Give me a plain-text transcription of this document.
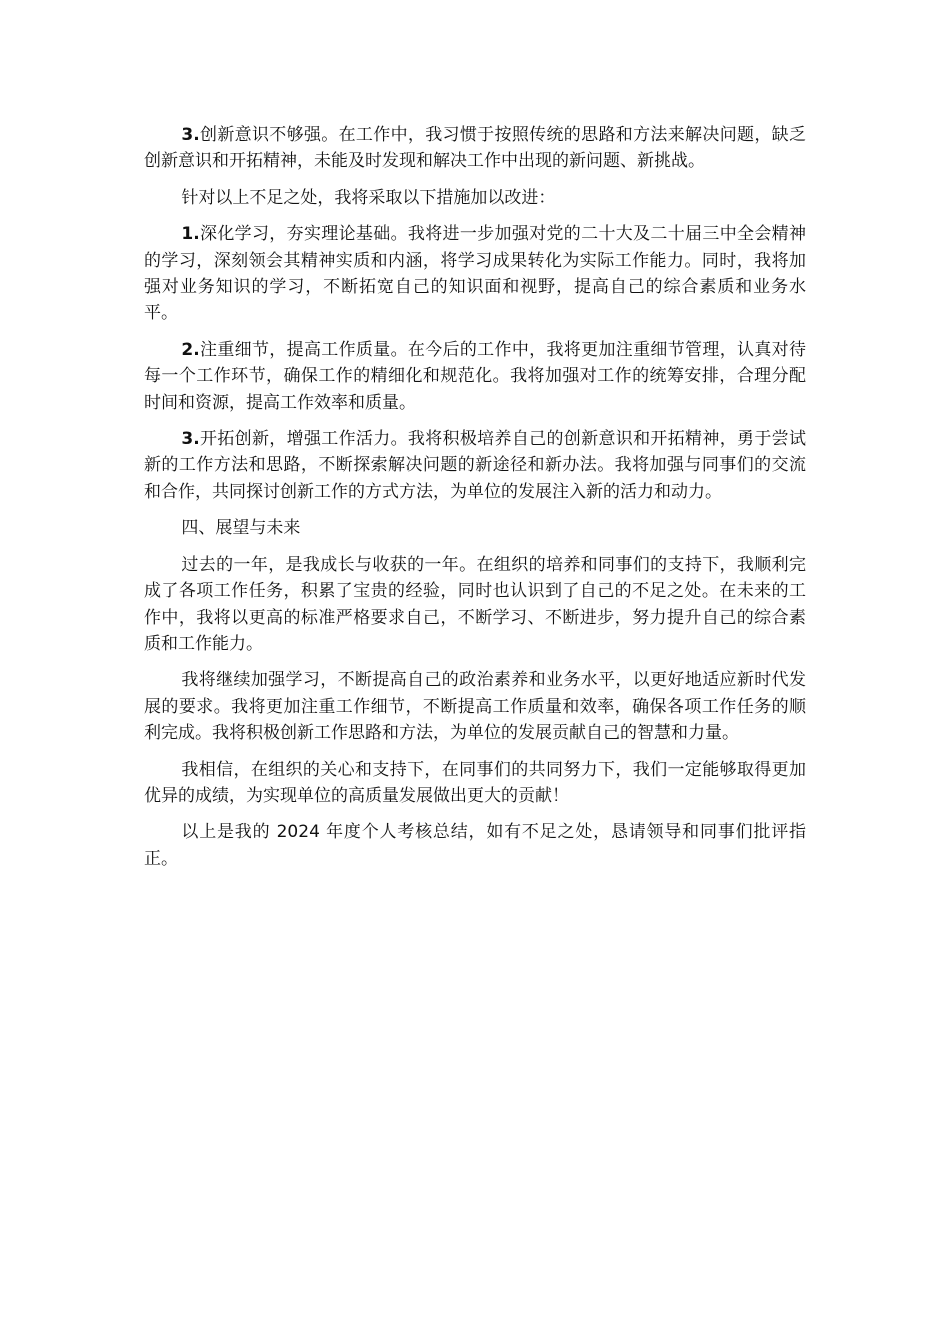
3.创新意识不够强。在工作中，我习惯于按照传统的思路和方法来解决问题，缺乏创新意识和开拓精神，未能及时发现和解决工作中出现的新问题、新挑战。

针对以上不足之处，我将采取以下措施加以改进：

1.深化学习，夯实理论基础。我将进一步加强对党的二十大及二十届三中全会精神的学习，深刻领会其精神实质和内涵，将学习成果转化为实际工作能力。同时，我将加强对业务知识的学习，不断拓宽自己的知识面和视野，提高自己的综合素质和业务水平。

2.注重细节，提高工作质量。在今后的工作中，我将更加注重细节管理，认真对待每一个工作环节，确保工作的精细化和规范化。我将加强对工作的统筹安排，合理分配时间和资源，提高工作效率和质量。

3.开拓创新，增强工作活力。我将积极培养自己的创新意识和开拓精神，勇于尝试新的工作方法和思路，不断探索解决问题的新途径和新办法。我将加强与同事们的交流和合作，共同探讨创新工作的方式方法，为单位的发展注入新的活力和动力。

四、展望与未来

过去的一年，是我成长与收获的一年。在组织的培养和同事们的支持下，我顺利完成了各项工作任务，积累了宝贵的经验，同时也认识到了自己的不足之处。在未来的工作中，我将以更高的标准严格要求自己，不断学习、不断进步，努力提升自己的综合素质和工作能力。

我将继续加强学习，不断提高自己的政治素养和业务水平，以更好地适应新时代发展的要求。我将更加注重工作细节，不断提高工作质量和效率，确保各项工作任务的顺利完成。我将积极创新工作思路和方法，为单位的发展贡献自己的智慧和力量。

我相信，在组织的关心和支持下，在同事们的共同努力下，我们一定能够取得更加优异的成绩，为实现单位的高质量发展做出更大的贡献！

以上是我的 2024 年度个人考核总结，如有不足之处，恳请领导和同事们批评指正。
